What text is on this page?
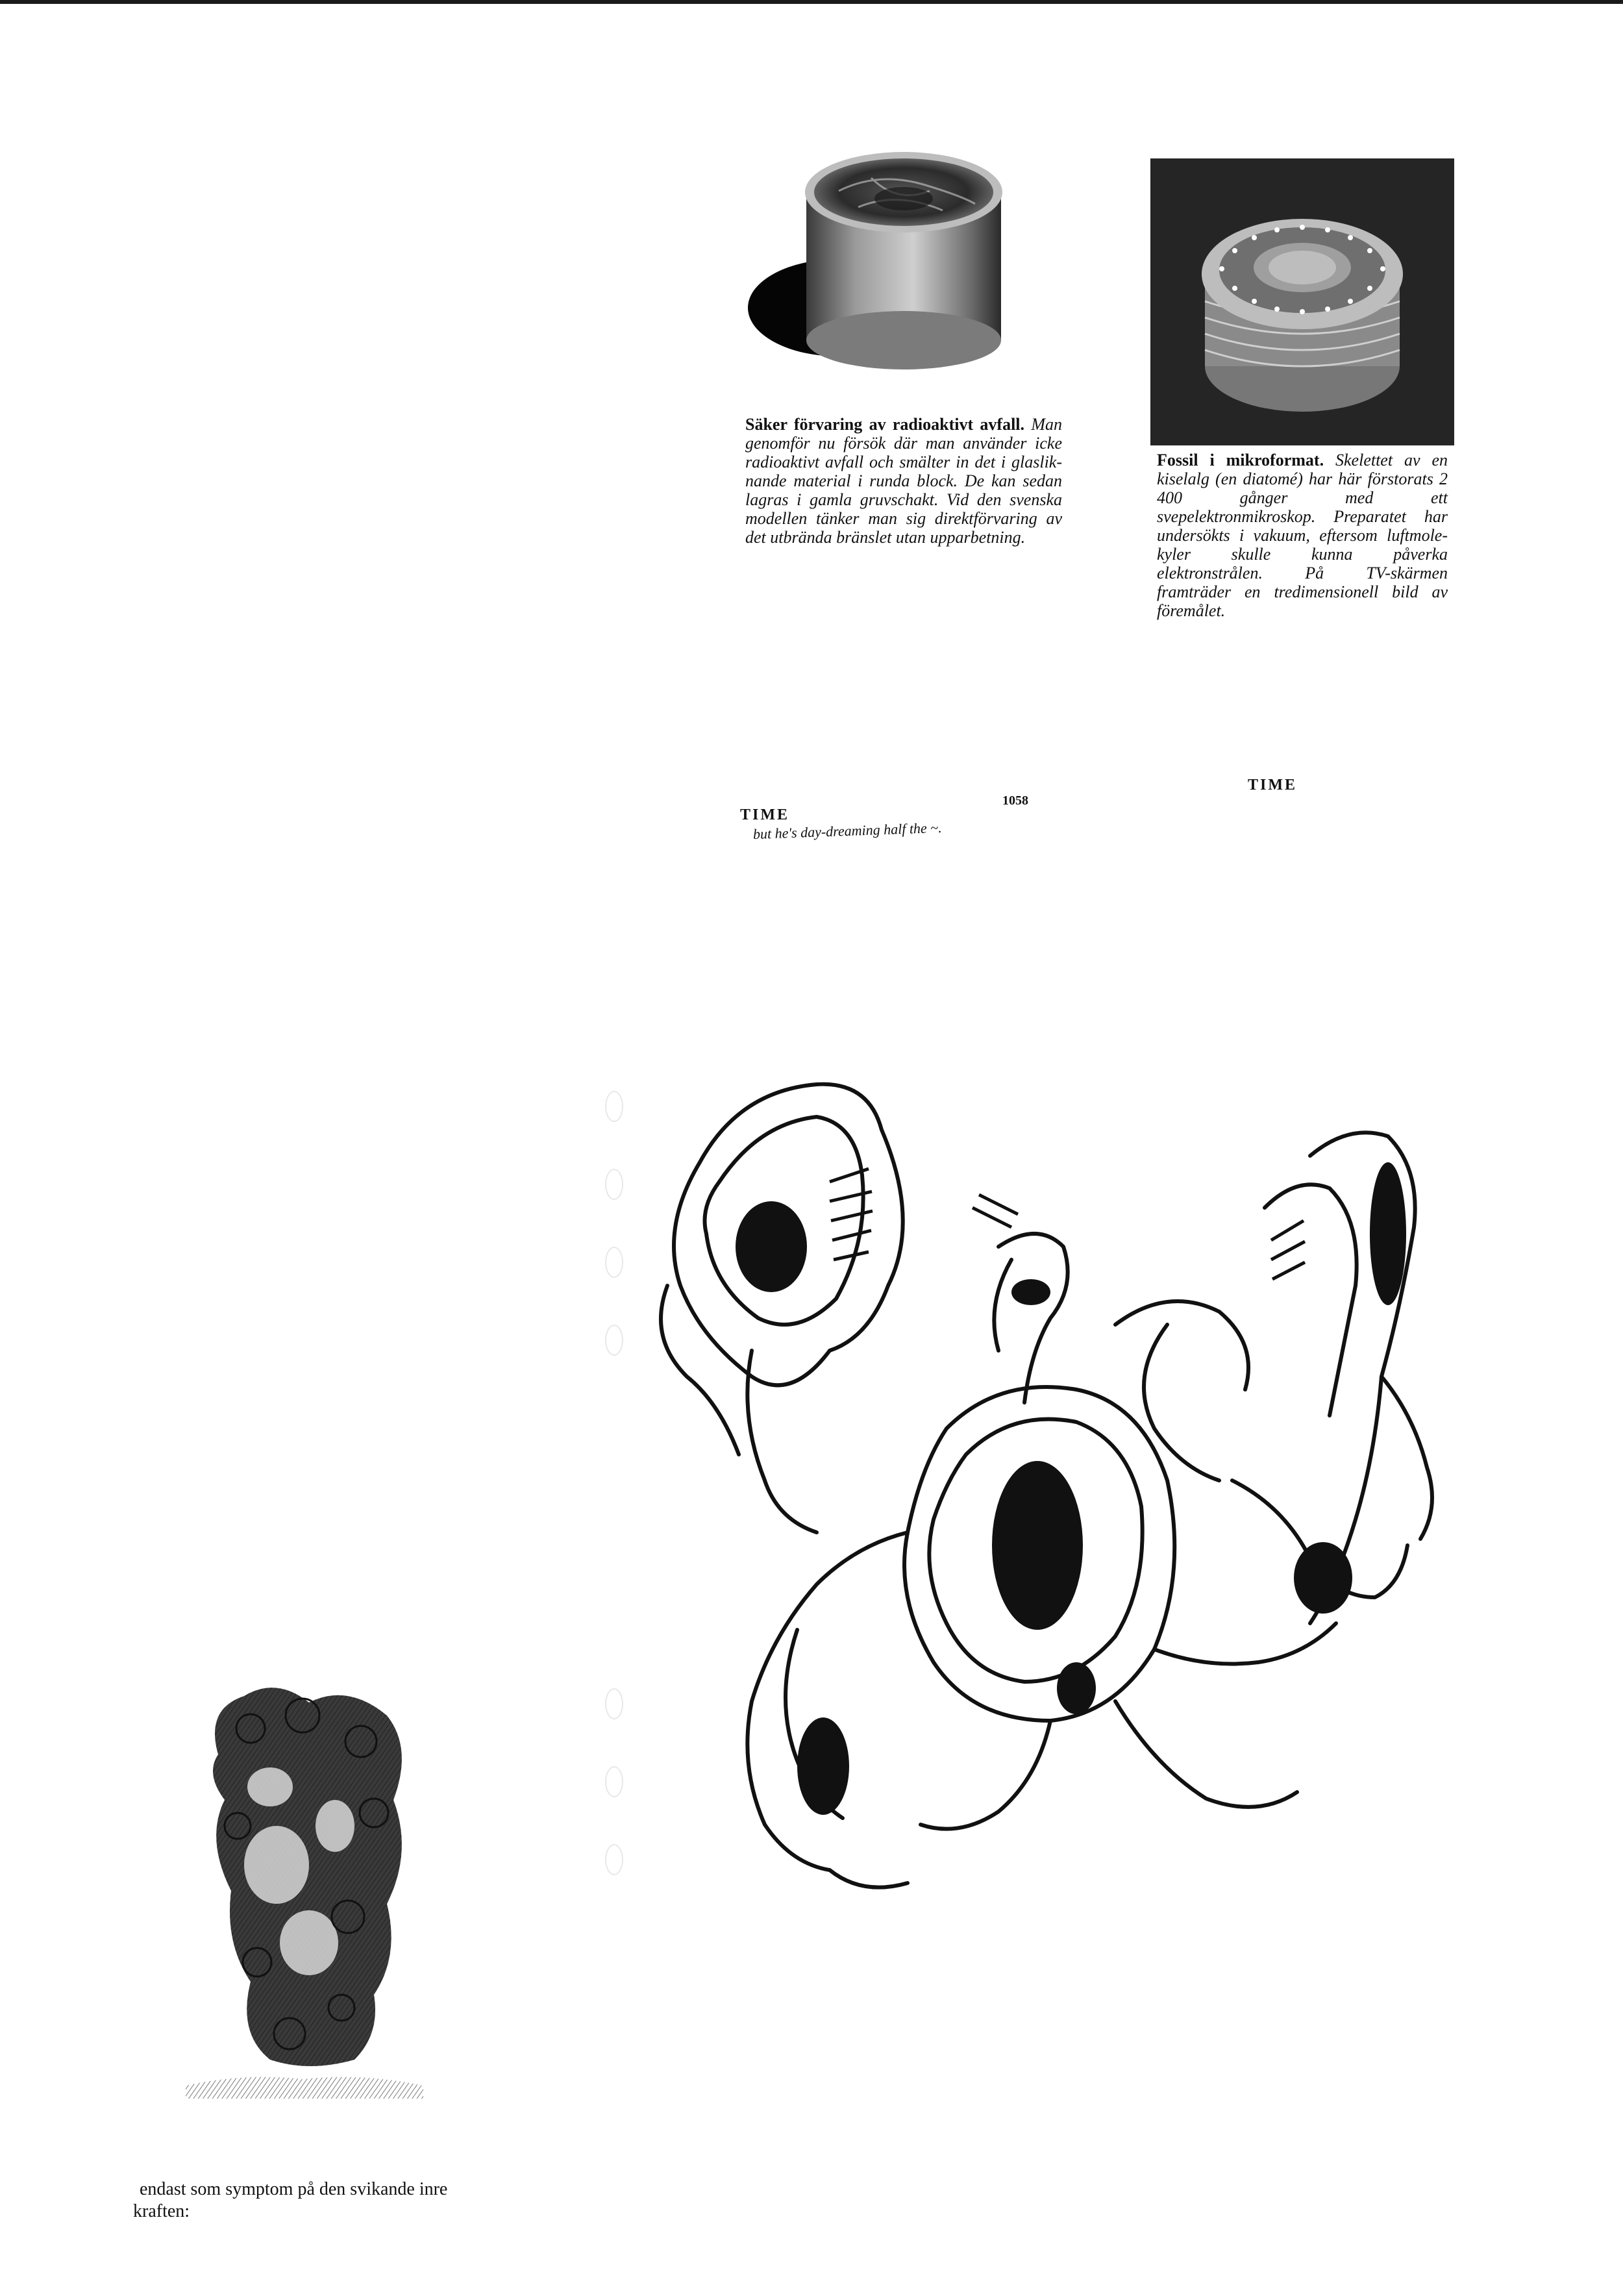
Säker förvaring av radioaktivt avfall. Man genomför nu försök där man använder icke radioaktivt avfall och smälter in det i glaslik-nande material i runda block. De kan sedan lagras i gamla gruvschakt. Vid den svenska modellen tänker man sig direktförvaring av det utbrända bränslet utan upparbetning.
Fossil i mikroformat. Skelettet av en kiselalg (en diatomé) har här förstorats 2 400 gånger med ett svepelektronmikroskop. Preparatet har undersökts i vakuum, eftersom luftmole-kyler skulle kunna påverka elektronstrålen. På TV-skärmen framträder en tredimensionell bild av föremålet.
TIME
1058
but he's day-dreaming half the ~.
TIME
endast som symptom på den svikande inre
kraften:
